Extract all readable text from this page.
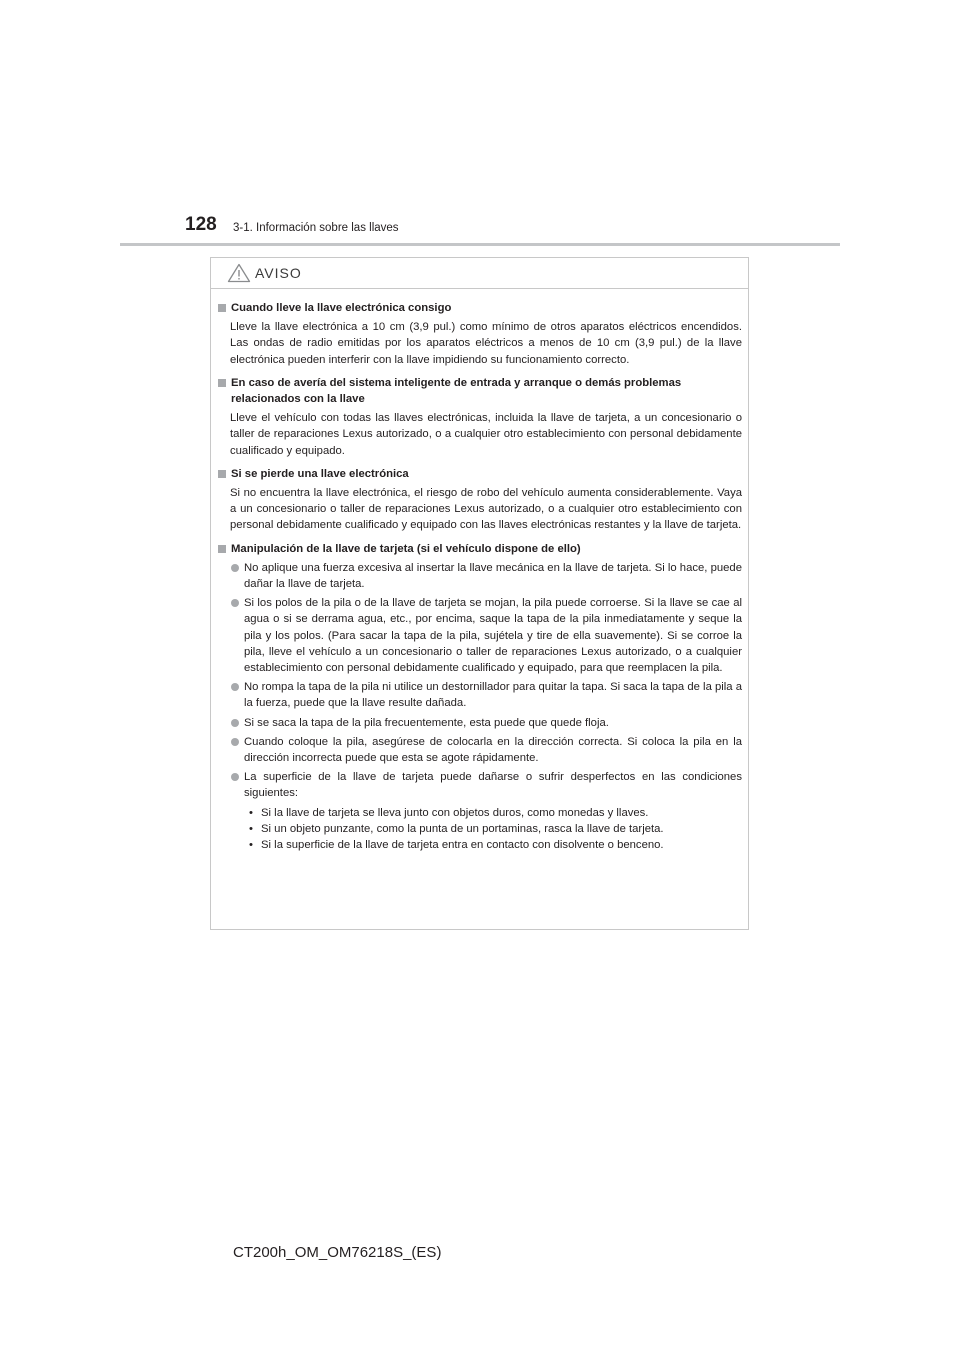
128 3-1. Información sobre las llaves
AVISO
Cuando lleve la llave electrónica consigo
Lleve la llave electrónica a 10 cm (3,9 pul.) como mínimo de otros aparatos eléctricos encendidos. Las ondas de radio emitidas por los aparatos eléctricos a menos de 10 cm (3,9 pul.) de la llave electrónica pueden interferir con la llave impidiendo su funcionamiento correcto.
En caso de avería del sistema inteligente de entrada y arranque o demás problemas relacionados con la llave
Lleve el vehículo con todas las llaves electrónicas, incluida la llave de tarjeta, a un concesionario o taller de reparaciones Lexus autorizado, o a cualquier otro establecimiento con personal debidamente cualificado y equipado.
Si se pierde una llave electrónica
Si no encuentra la llave electrónica, el riesgo de robo del vehículo aumenta considerablemente. Vaya a un concesionario o taller de reparaciones Lexus autorizado, o a cualquier otro establecimiento con personal debidamente cualificado y equipado con las llaves electrónicas restantes y la llave de tarjeta.
Manipulación de la llave de tarjeta (si el vehículo dispone de ello)
No aplique una fuerza excesiva al insertar la llave mecánica en la llave de tarjeta. Si lo hace, puede dañar la llave de tarjeta.
Si los polos de la pila o de la llave de tarjeta se mojan, la pila puede corroerse. Si la llave se cae al agua o si se derrama agua, etc., por encima, saque la tapa de la pila inmediatamente y seque la pila y los polos. (Para sacar la tapa de la pila, sujétela y tire de ella suavemente). Si se corroe la pila, lleve el vehículo a un concesionario o taller de reparaciones Lexus autorizado, o a cualquier establecimiento con personal debidamente cualificado y equipado, para que reemplacen la pila.
No rompa la tapa de la pila ni utilice un destornillador para quitar la tapa. Si saca la tapa de la pila a la fuerza, puede que la llave resulte dañada.
Si se saca la tapa de la pila frecuentemente, esta puede que quede floja.
Cuando coloque la pila, asegúrese de colocarla en la dirección correcta. Si coloca la pila en la dirección incorrecta puede que esta se agote rápidamente.
La superficie de la llave de tarjeta puede dañarse o sufrir desperfectos en las condiciones siguientes:
• Si la llave de tarjeta se lleva junto con objetos duros, como monedas y llaves.
• Si un objeto punzante, como la punta de un portaminas, rasca la llave de tarjeta.
• Si la superficie de la llave de tarjeta entra en contacto con disolvente o benceno.
CT200h_OM_OM76218S_(ES)
